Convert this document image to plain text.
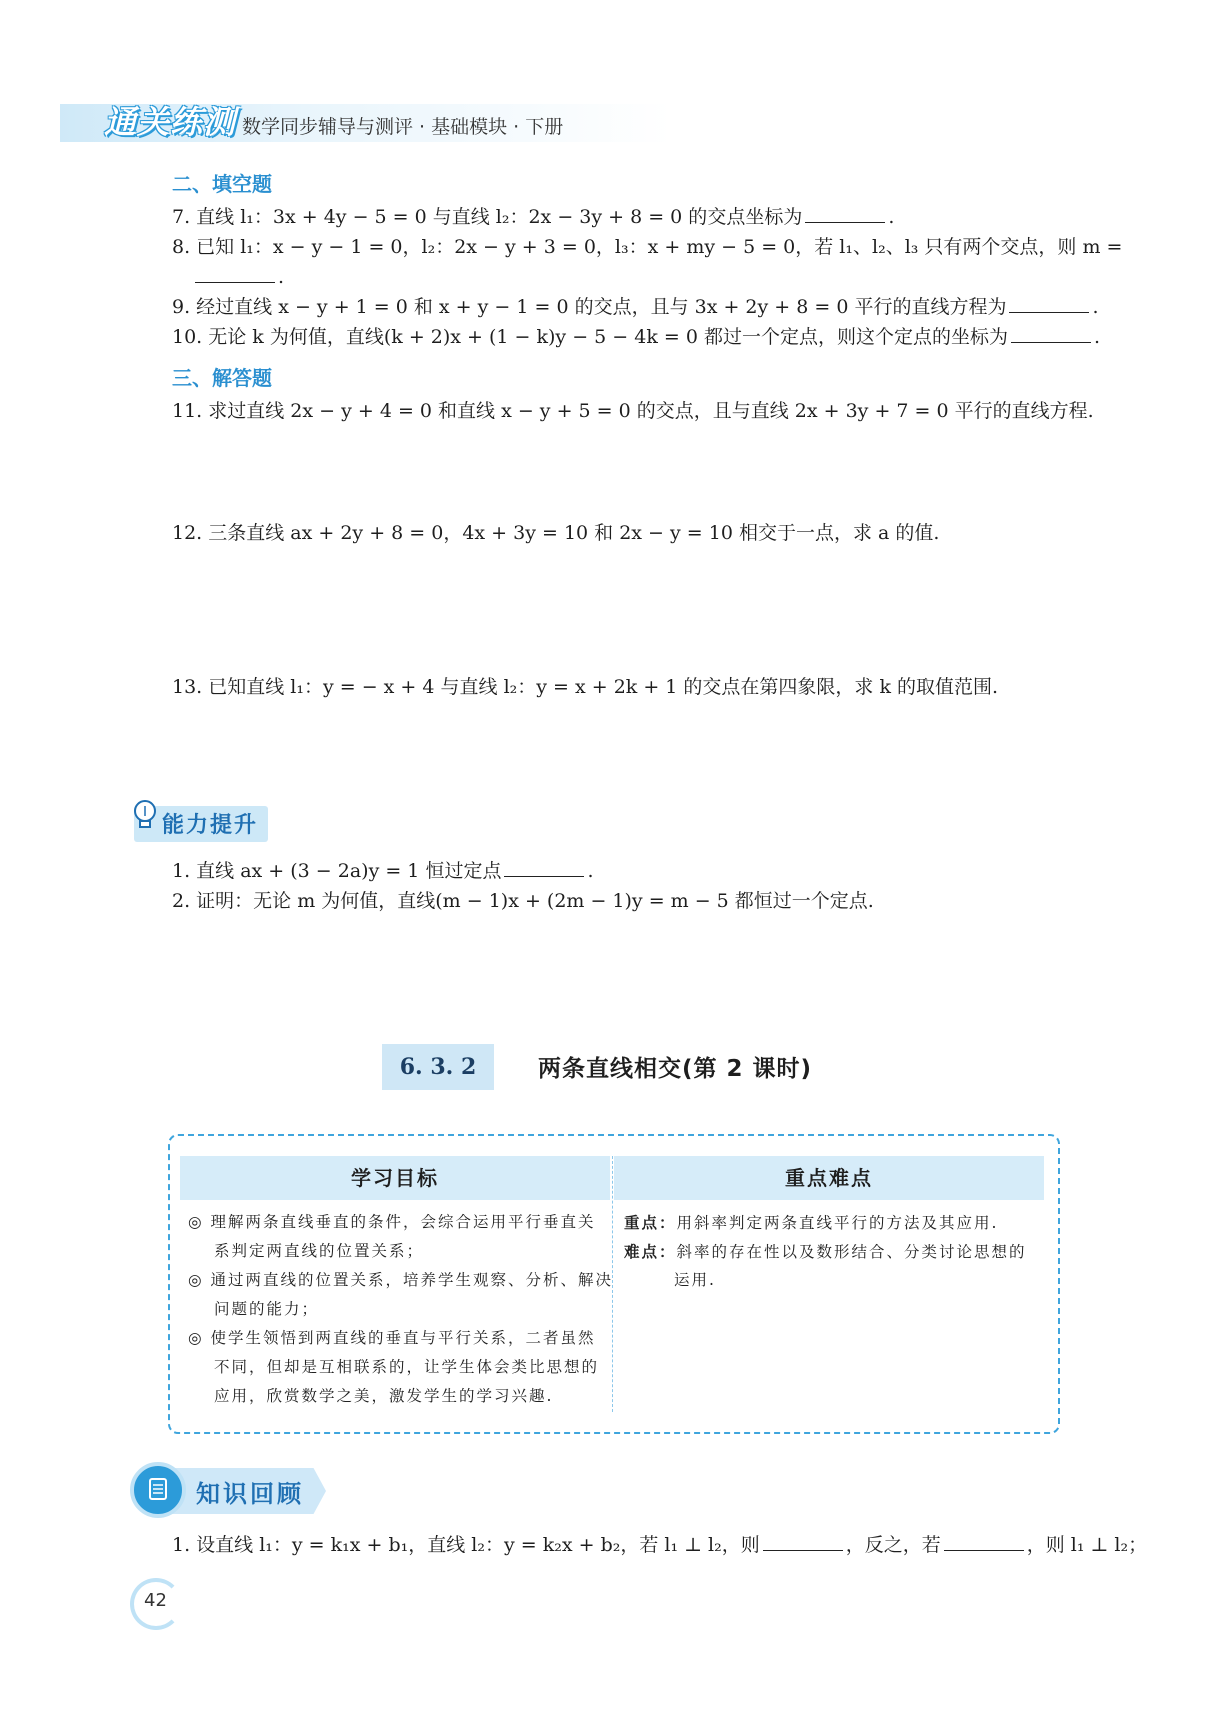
通关练测 数学同步辅导与测评 · 基础模块 · 下册
二、填空题
7. 直线 l₁：3x + 4y − 5 = 0 与直线 l₂：2x − 3y + 8 = 0 的交点坐标为	.
8. 已知 l₁：x − y − 1 = 0，l₂：2x − y + 3 = 0，l₃：x + my − 5 = 0，若 l₁、l₂、l₃ 只有两个交点，则 m =
.
9. 经过直线 x − y + 1 = 0 和 x + y − 1 = 0 的交点，且与 3x + 2y + 8 = 0 平行的直线方程为	.
10. 无论 k 为何值，直线(k + 2)x + (1 − k)y − 5 − 4k = 0 都过一个定点，则这个定点的坐标为	.
三、解答题
11. 求过直线 2x − y + 4 = 0 和直线 x − y + 5 = 0 的交点，且与直线 2x + 3y + 7 = 0 平行的直线方程.
12. 三条直线 ax + 2y + 8 = 0，4x + 3y = 10 和 2x − y = 10 相交于一点，求 a 的值.
13. 已知直线 l₁：y = − x + 4 与直线 l₂：y = x + 2k + 1 的交点在第四象限，求 k 的取值范围.
能力提升
1. 直线 ax + (3 − 2a)y = 1 恒过定点	.
2. 证明：无论 m 为何值，直线(m − 1)x + (2m − 1)y = m − 5 都恒过一个定点.
6. 3. 2	两条直线相交(第 2 课时)
学习目标	重点难点
◎ 理解两条直线垂直的条件，会综合运用平行垂直关
系判定两直线的位置关系；
◎ 通过两直线的位置关系，培养学生观察、分析、解决
问题的能力；
◎ 使学生领悟到两直线的垂直与平行关系，二者虽然
不同，但却是互相联系的，让学生体会类比思想的
应用，欣赏数学之美，激发学生的学习兴趣.
重点：用斜率判定两条直线平行的方法及其应用.
难点：斜率的存在性以及数形结合、分类讨论思想的
运用.
知识回顾
1. 设直线 l₁：y = k₁x + b₁，直线 l₂：y = k₂x + b₂，若 l₁ ⊥ l₂，则	，反之，若	，则 l₁ ⊥ l₂；
42
